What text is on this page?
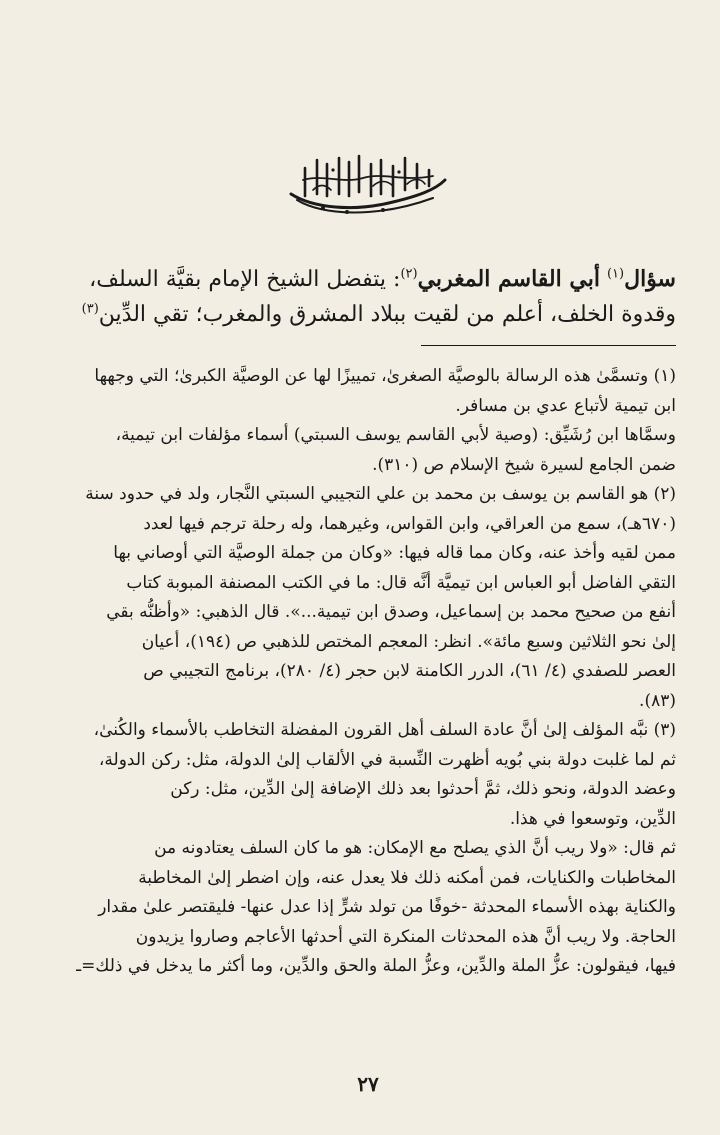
سؤال$^{(١)}$ أبي القاسم المغربي$^{(٢)}$: يتفضل الشيخ الإمام بقيَّة السلف،

وقدوة الخلف، أعلم من لقيت ببلاد المشرق والمغرب؛ تقي الدِّين$^{(٣)}$

(١) وتسمَّىٰ هذه الرسالة بالوصيَّة الصغرىٰ، تمييزًا لها عن الوصيَّة الكبرىٰ؛ التي وجهها
ابن تيمية لأتباع عدي بن مسافر.
وسمَّاها ابن رُشَيِّق: (وصية لأبي القاسم يوسف السبتي) أسماء مؤلفات ابن تيمية،
ضمن الجامع لسيرة شيخ الإسلام ص (٣١٠).
(٢) هو القاسم بن يوسف بن محمد بن علي التجيبي السبتي النَّجار، ولد في حدود سنة
(٦٧٠هـ)، سمع من العراقي، وابن القواس، وغيرهما، وله رحلة ترجم فيها لعدد
ممن لقيه وأخذ عنه، وكان مما قاله فيها: «وكان من جملة الوصيَّة التي أوصاني بها
التقي الفاضل أبو العباس ابن تيميَّة أنَّه قال: ما في الكتب المصنفة المبوبة كتاب
أنفع من صحيح محمد بن إسماعيل، وصدق ابن تيمية...». قال الذهبي: «وأظنُّه بقي
إلىٰ نحو الثلاثين وسبع مائة». انظر: المعجم المختص للذهبي ص (١٩٤)، أعيان
العصر للصفدي (٤/ ٦١)، الدرر الكامنة لابن حجر (٤/ ٢٨٠)، برنامج التجيبي ص
(٨٣).
(٣) نبَّه المؤلف إلىٰ أنَّ عادة السلف أهل القرون المفضلة التخاطب بالأسماء والكُنىٰ،
ثم لما غلبت دولة بني بُويه أظهرت النِّسبة في الألقاب إلىٰ الدولة، مثل: ركن الدولة،
وعضد الدولة، ونحو ذلك، ثمَّ أحدثوا بعد ذلك الإضافة إلىٰ الدِّين، مثل: ركن
الدِّين، وتوسعوا في هذا.
ثم قال: «ولا ريب أنَّ الذي يصلح مع الإمكان: هو ما كان السلف يعتادونه من
المخاطبات والكنايات، فمن أمكنه ذلك فلا يعدل عنه، وإن اضطر إلىٰ المخاطبة
والكناية بهذه الأسماء المحدثة -خوفًا من تولد شرٍّ إذا عدل عنها- فليقتصر علىٰ مقدار
الحاجة. ولا ريب أنَّ هذه المحدثات المنكرة التي أحدثها الأعاجم وصاروا يزيدون
فيها، فيقولون: عزُّ الملة والدِّين، وعزُّ الملة والحق والدِّين، وما أكثر ما يدخل في ذلك=ـ
٢٧
